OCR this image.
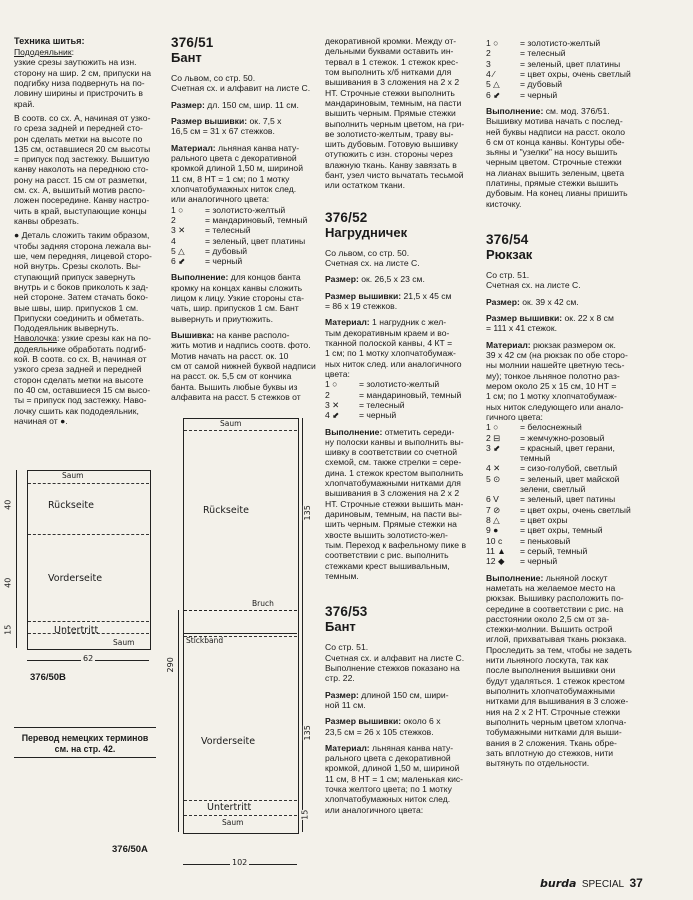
Техника шитья:
Пододеяльник:
узкие срезы заутюжить на изн.
сторону на шир. 2 см, припуски на
подгибку низа подвернуть на по-
ловину ширины и пристрочить в
край.
В соотв. со сх. А, начиная от узко-
го среза задней и передней сто-
рон сделать метки на высоте по
135 см, оставшиеся 20 см высоты
= припуск под застежку. Вышитую
канву наколоть на переднюю сто-
рону на расст. 15 см от разметки,
см. сх. А, вышитый мотив распо-
ложен посередине. Канву настро-
чить в край, выступающие концы
канвы обрезать.
● Деталь сложить таким образом,
чтобы задняя сторона лежала вы-
ше, чем передняя, лицевой сторо-
ной внутрь. Срезы сколоть. Вы-
ступающий припуск завернуть
внутрь и с боков приколоть к зад-
ней стороне. Затем стачать боко-
вые швы, шир. припусков 1 см.
Припуски соединить и обметать.
Пододеяльник вывернуть.
Наволочка: узкие срезы как на по-
додеяльнике обработать подгиб-
кой. В соотв. со сх. В, начиная от
узкого среза задней и передней
сторон сделать метки на высоте
по 40 см, оставшиеся 15 см высо-
ты = припуск под застежку. Наво-
лочку сшить как пододеяльник,
начиная от ●.
Saum
Rückseite
Vorderseite
Untertritt
Saum
40
40
15
62
376/50B
Перевод немецких терминов
см. на стр. 42.
376/51
Бант

Со львом, со стр. 50.
Счетная сх. и алфавит на листе С.

Размер: дл. 150 см, шир. 11 см.

Размер вышивки: ок. 7,5 x
16,5 см = 31 x 67 стежков.

Материал: льняная канва нату-
рального цвета с декоративной
кромкой длиной 1,50 м, шириной
11 см, 8 НТ = 1 см; по 1 мотку
хлопчатобумажных ниток след.
или аналогичного цвета:
1 ○	= золотисто-желтый
2	= мандариновый, темный
3 ✕	= телесный
4	= зеленый, цвет платины
5 △	= дубовый
6 ⬋	= черный

Выполнение: для концов банта
кромку на концах канвы сложить
лицом к лицу. Узкие стороны ста-
чать, шир. припусков 1 см. Бант
вывернуть и приутюжить.

Вышивка: на канве располо-
жить мотив и надпись соотв. фото.
Мотив начать на расст. ок. 10
см от самой нижней буквой надписи
на расст. ок. 5,5 см от кончика
банта. Вышить любые буквы из
алфавита на расст. 5 стежков от

Saum
Rückseite
Bruch
Stickband
Vorderseite
Untertritt
Saum
290
135
135
15
102
376/50A

декоративной кромки. Между от-
дельными буквами оставить ин-
тервал в 1 стежок. 1 стежок крес-
том выполнить х/б нитками для
вышивания в 3 сложения на 2 x 2
НТ. Строчные стежки выполнить
мандариновым, темным, на пасти
вышить черным. Прямые стежки
выполнить черным цветом, на гри-
ве золотисто-желтым, траву вы-
шить дубовым. Готовую вышивку
отутюжить с изн. стороны через
влажную ткань. Канву завязать в
бант, узел чисто вычатать тесьмой
или остатком ткани.

376/52
Нагрудничек

Со львом, со стр. 50.
Счетная сх. на листе С.

Размер: ок. 26,5 x 23 см.

Размер вышивки: 21,5 x 45 см
= 86 x 19 стежков.

Материал: 1 нагрудник с жел-
тым декоративным краем и во-
тканной полоской канвы, 4 КТ =
1 см; по 1 мотку хлопчатобумаж-
ных ниток след. или аналогичного
цвета:
1 ○	= золотисто-желтый
2	= мандариновый, темный
3 ✕	= телесный
4 ⬋	= черный

Выполнение: отметить середи-
ну полоски канвы и выполнить вы-
шивку в соответствии со счетной
схемой, см. также стрелки = сере-
дина. 1 стежок крестом выполнить
хлопчатобумажными нитками для
вышивания в 3 сложения на 2 x 2
НТ. Строчные стежки вышить ман-
дариновым, темным, на пасти вы-
шить черным. Прямые стежки на
хвосте вышить золотисто-жел-
тым. Переход к вафельному пике в
соответствии с рис. выполнить
стежками крест вышивальным,
темным.

376/53
Бант

Со стр. 51.
Счетная сх. и алфавит на листе С.
Выполнение стежков показано на
стр. 22.

Размер: длиной 150 см, шири-
ной 11 см.

Размер вышивки: около 6 x
23,5 см = 26 x 105 стежков.

Материал: льняная канва нату-
рального цвета с декоративной
кромкой, длиной 1,50 м, шириной
11 см, 8 НТ = 1 см; маленькая кис-
точка желтого цвета; по 1 мотку
хлопчатобумажных ниток след.
или аналогичного цвета:
1 ○	= золотисто-желтый
2	= телесный
3	= зеленый, цвет платины
4 ⁄	= цвет охры, очень светлый
5 △	= дубовый
6 ⬋	= черный

Выполнение: см. мод. 376/51.
Вышивку мотива начать с послед-
ней буквы надписи на расст. около
6 см от конца канвы. Контуры обе-
зьяны и "узелки" на носу вышить
черным цветом. Строчные стежки
на лианах вышить зеленым, цвета
платины, прямые стежки вышить
дубовым. На конец лианы пришить
кисточку.

376/54
Рюкзак

Со стр. 51.
Счетная сх. на листе С.

Размер: ок. 39 x 42 см.

Размер вышивки: ок. 22 x 8 см
= 111 x 41 стежок.

Материал: рюкзак размером ок.
39 x 42 см (на рюкзак по обе сторо-
ны молнии нашейте цветную тесь-
му); тонкое льняное полотно раз-
мером около 25 x 15 см, 10 НТ =
1 см; по 1 мотку хлопчатобумаж-
ных ниток следующего или анало-
гичного цвета:
1 ○	= белоснежный
2 ⊟	= жемчужно-розовый
3 ⬋	= красный, цвет герани,
темный
4 ✕	= сизо-голубой, светлый
5 ⊙	= зеленый, цвет майской
зелени, светлый
6 V	= зеленый, цвет патины
7 ⊘	= цвет охры, очень светлый
8 △	= цвет охры
9 ●	= цвет охры, темный
10 c	= пеньковый
11 ▲	= серый, темный
12 ◆	= черный

Выполнение: льняной лоскут
наметать на желаемое место на
рюкзак. Вышивку расположить по-
середине в соответствии с рис. на
расстоянии около 2,5 см от за-
стежки-молнии. Вышить острой
иглой, прихватывая ткань рюкзака.
Проследить за тем, чтобы не задеть
нити льняного лоскута, так как
после выполнения вышивки они
будут удаляться. 1 стежок крестом
выполнить хлопчатобумажными
нитками для вышивания в 3 сложе-
ния на 2 x 2 НТ. Строчные стежки
выполнить черным цветом хлопча-
тобумажными нитками для выши-
вания в 2 сложения. Ткань обре-
зать вплотную до стежков, нити
вытянуть по отдельности.

burda SPECIAL 37
